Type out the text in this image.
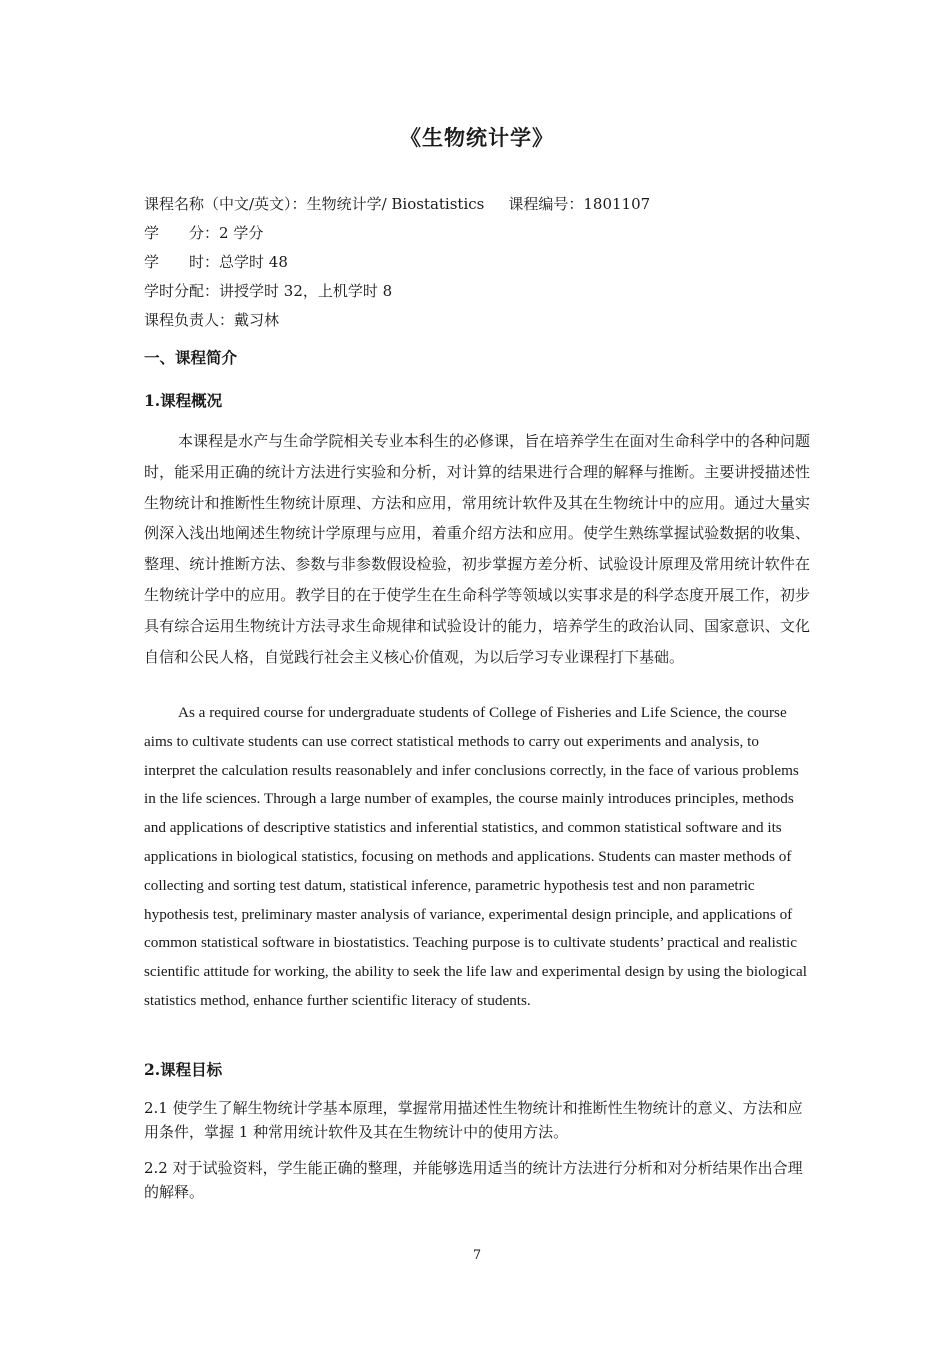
《生物统计学》
课程名称（中文/英文）：生物统计学/ Biostatistics 课程编号：1801107
学　　分：2 学分
学　　时：总学时 48
学时分配：讲授学时 32，上机学时 8
课程负责人：戴习林
一、课程简介
1.课程概况
本课程是水产与生命学院相关专业本科生的必修课，旨在培养学生在面对生命科学中的各种问题时，能采用正确的统计方法进行实验和分析，对计算的结果进行合理的解释与推断。主要讲授描述性生物统计和推断性生物统计原理、方法和应用，常用统计软件及其在生物统计中的应用。通过大量实例深入浅出地阐述生物统计学原理与应用，着重介绍方法和应用。使学生熟练掌握试验数据的收集、整理、统计推断方法、参数与非参数假设检验，初步掌握方差分析、试验设计原理及常用统计软件在生物统计学中的应用。教学目的在于使学生在生命科学等领域以实事求是的科学态度开展工作，初步具有综合运用生物统计方法寻求生命规律和试验设计的能力，培养学生的政治认同、国家意识、文化自信和公民人格，自觉践行社会主义核心价值观，为以后学习专业课程打下基础。
As a required course for undergraduate students of College of Fisheries and Life Science, the course aims to cultivate students can use correct statistical methods to carry out experiments and analysis, to interpret the calculation results reasonablely and infer conclusions correctly, in the face of various problems in the life sciences. Through a large number of examples, the course mainly introduces principles, methods and applications of descriptive statistics and inferential statistics, and common statistical software and its applications in biological statistics, focusing on methods and applications. Students can master methods of collecting and sorting test datum, statistical inference, parametric hypothesis test and non parametric hypothesis test, preliminary master analysis of variance, experimental design principle, and applications of common statistical software in biostatistics. Teaching purpose is to cultivate students’ practical and realistic scientific attitude for working, the ability to seek the life law and experimental design by using the biological statistics method, enhance further scientific literacy of students.
2.课程目标
2.1 使学生了解生物统计学基本原理，掌握常用描述性生物统计和推断性生物统计的意义、方法和应用条件，掌握 1 种常用统计软件及其在生物统计中的使用方法。
2.2 对于试验资料，学生能正确的整理，并能够选用适当的统计方法进行分析和对分析结果作出合理的解释。
7
